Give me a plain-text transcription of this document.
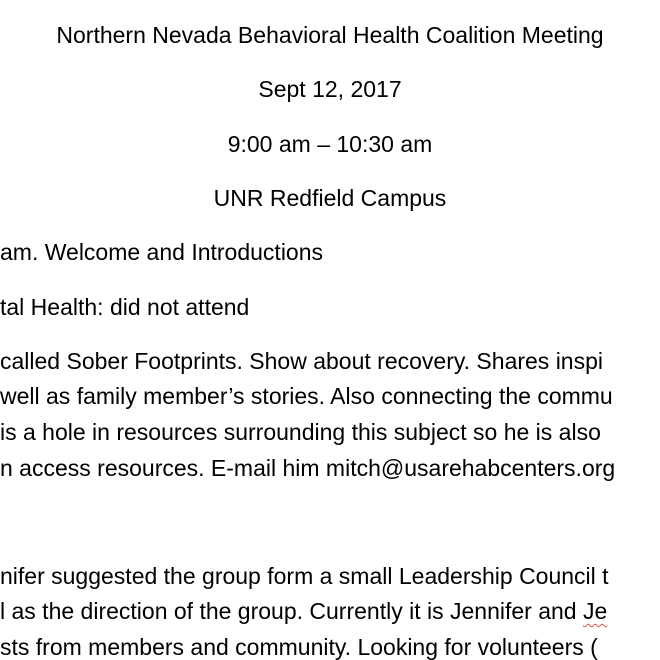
Northern Nevada Behavioral Health Coalition Meeting
Sept 12, 2017
9:00 am – 10:30 am
UNR Redfield Campus
am. Welcome and Introductions
tal Health: did not attend
called Sober Footprints. Show about recovery. Shares inspi
well as family member’s stories. Also connecting the commu
is a hole in resources surrounding this subject so he is also
n access resources. E-mail him mitch@usarehabcenters.org
nifer suggested the group form a small Leadership Council t
l as the direction of the group. Currently it is Jennifer and Je
sts from members and community. Looking for volunteers (
